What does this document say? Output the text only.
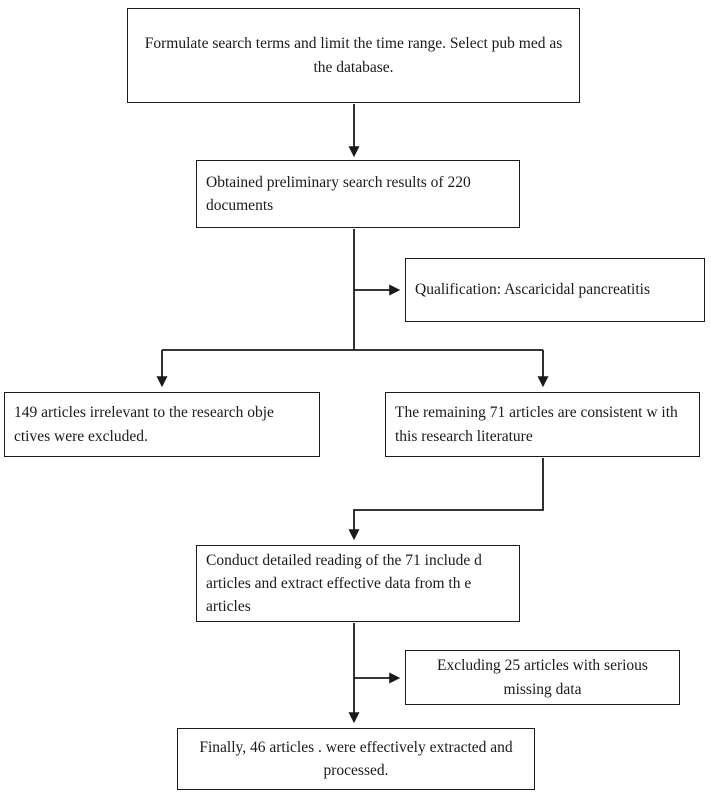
Formulate search terms and limit the time range. Select pub med as the database.
Obtained preliminary search results of 220 documents
Qualification: Ascaricidal pancreatitis
149 articles irrelevant to the research obje ctives were excluded.
The remaining 71 articles are consistent w ith this research literature
Conduct detailed reading of the 71 include d articles and extract effective data from th e articles
Excluding 25 articles with serious missing data
Finally, 46 articles . were effectively extracted and processed.
